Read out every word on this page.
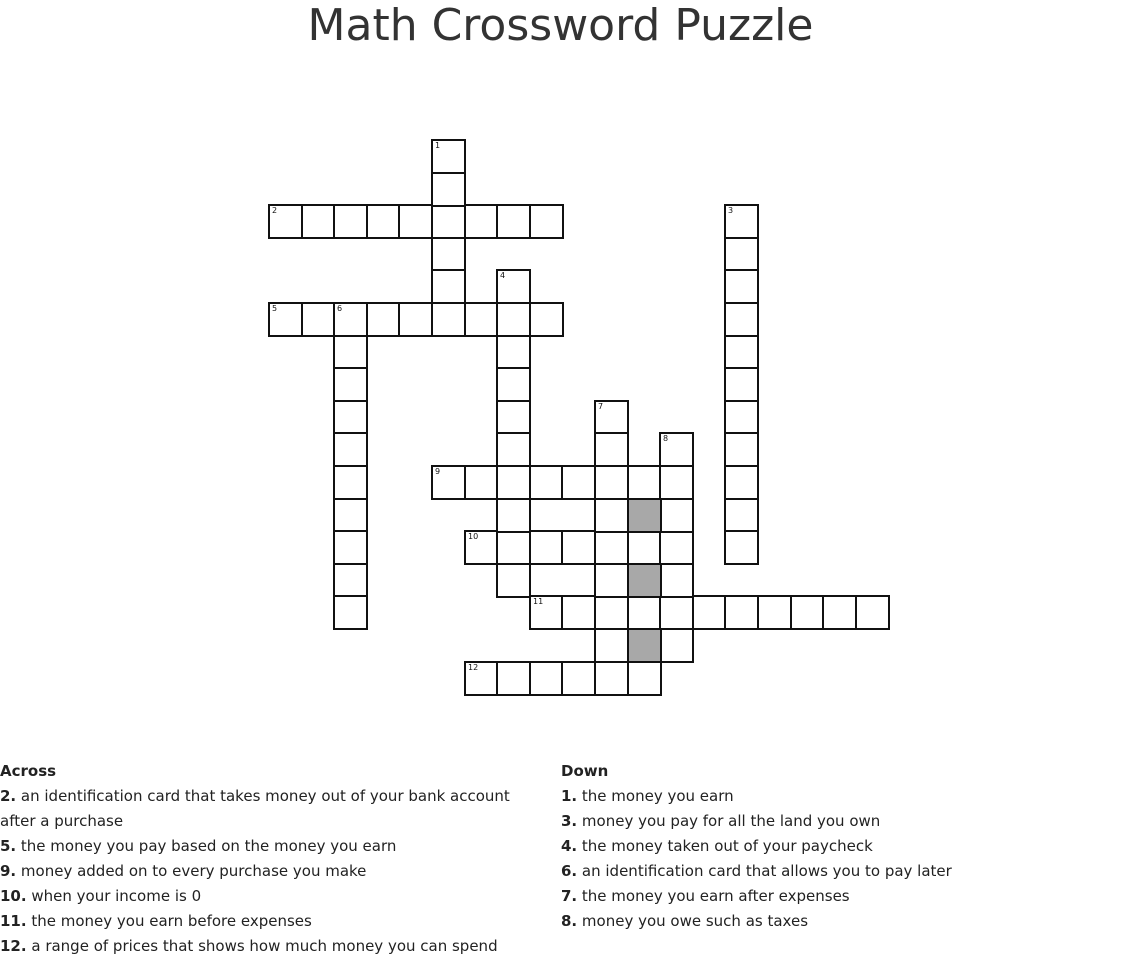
Math Crossword Puzzle
2
5	6
9
10
11
12
1
3
4
7
8
Across
2. an identification card that takes money out of your bank account after a purchase
5. the money you pay based on the money you earn
9. money added on to every purchase you make
10. when your income is 0
11. the money you earn before expenses
12. a range of prices that shows how much money you can spend
Down
1. the money you earn
3. money you pay for all the land you own
4. the money taken out of your paycheck
6. an identification card that allows you to pay later
7. the money you earn after expenses
8. money you owe such as taxes
